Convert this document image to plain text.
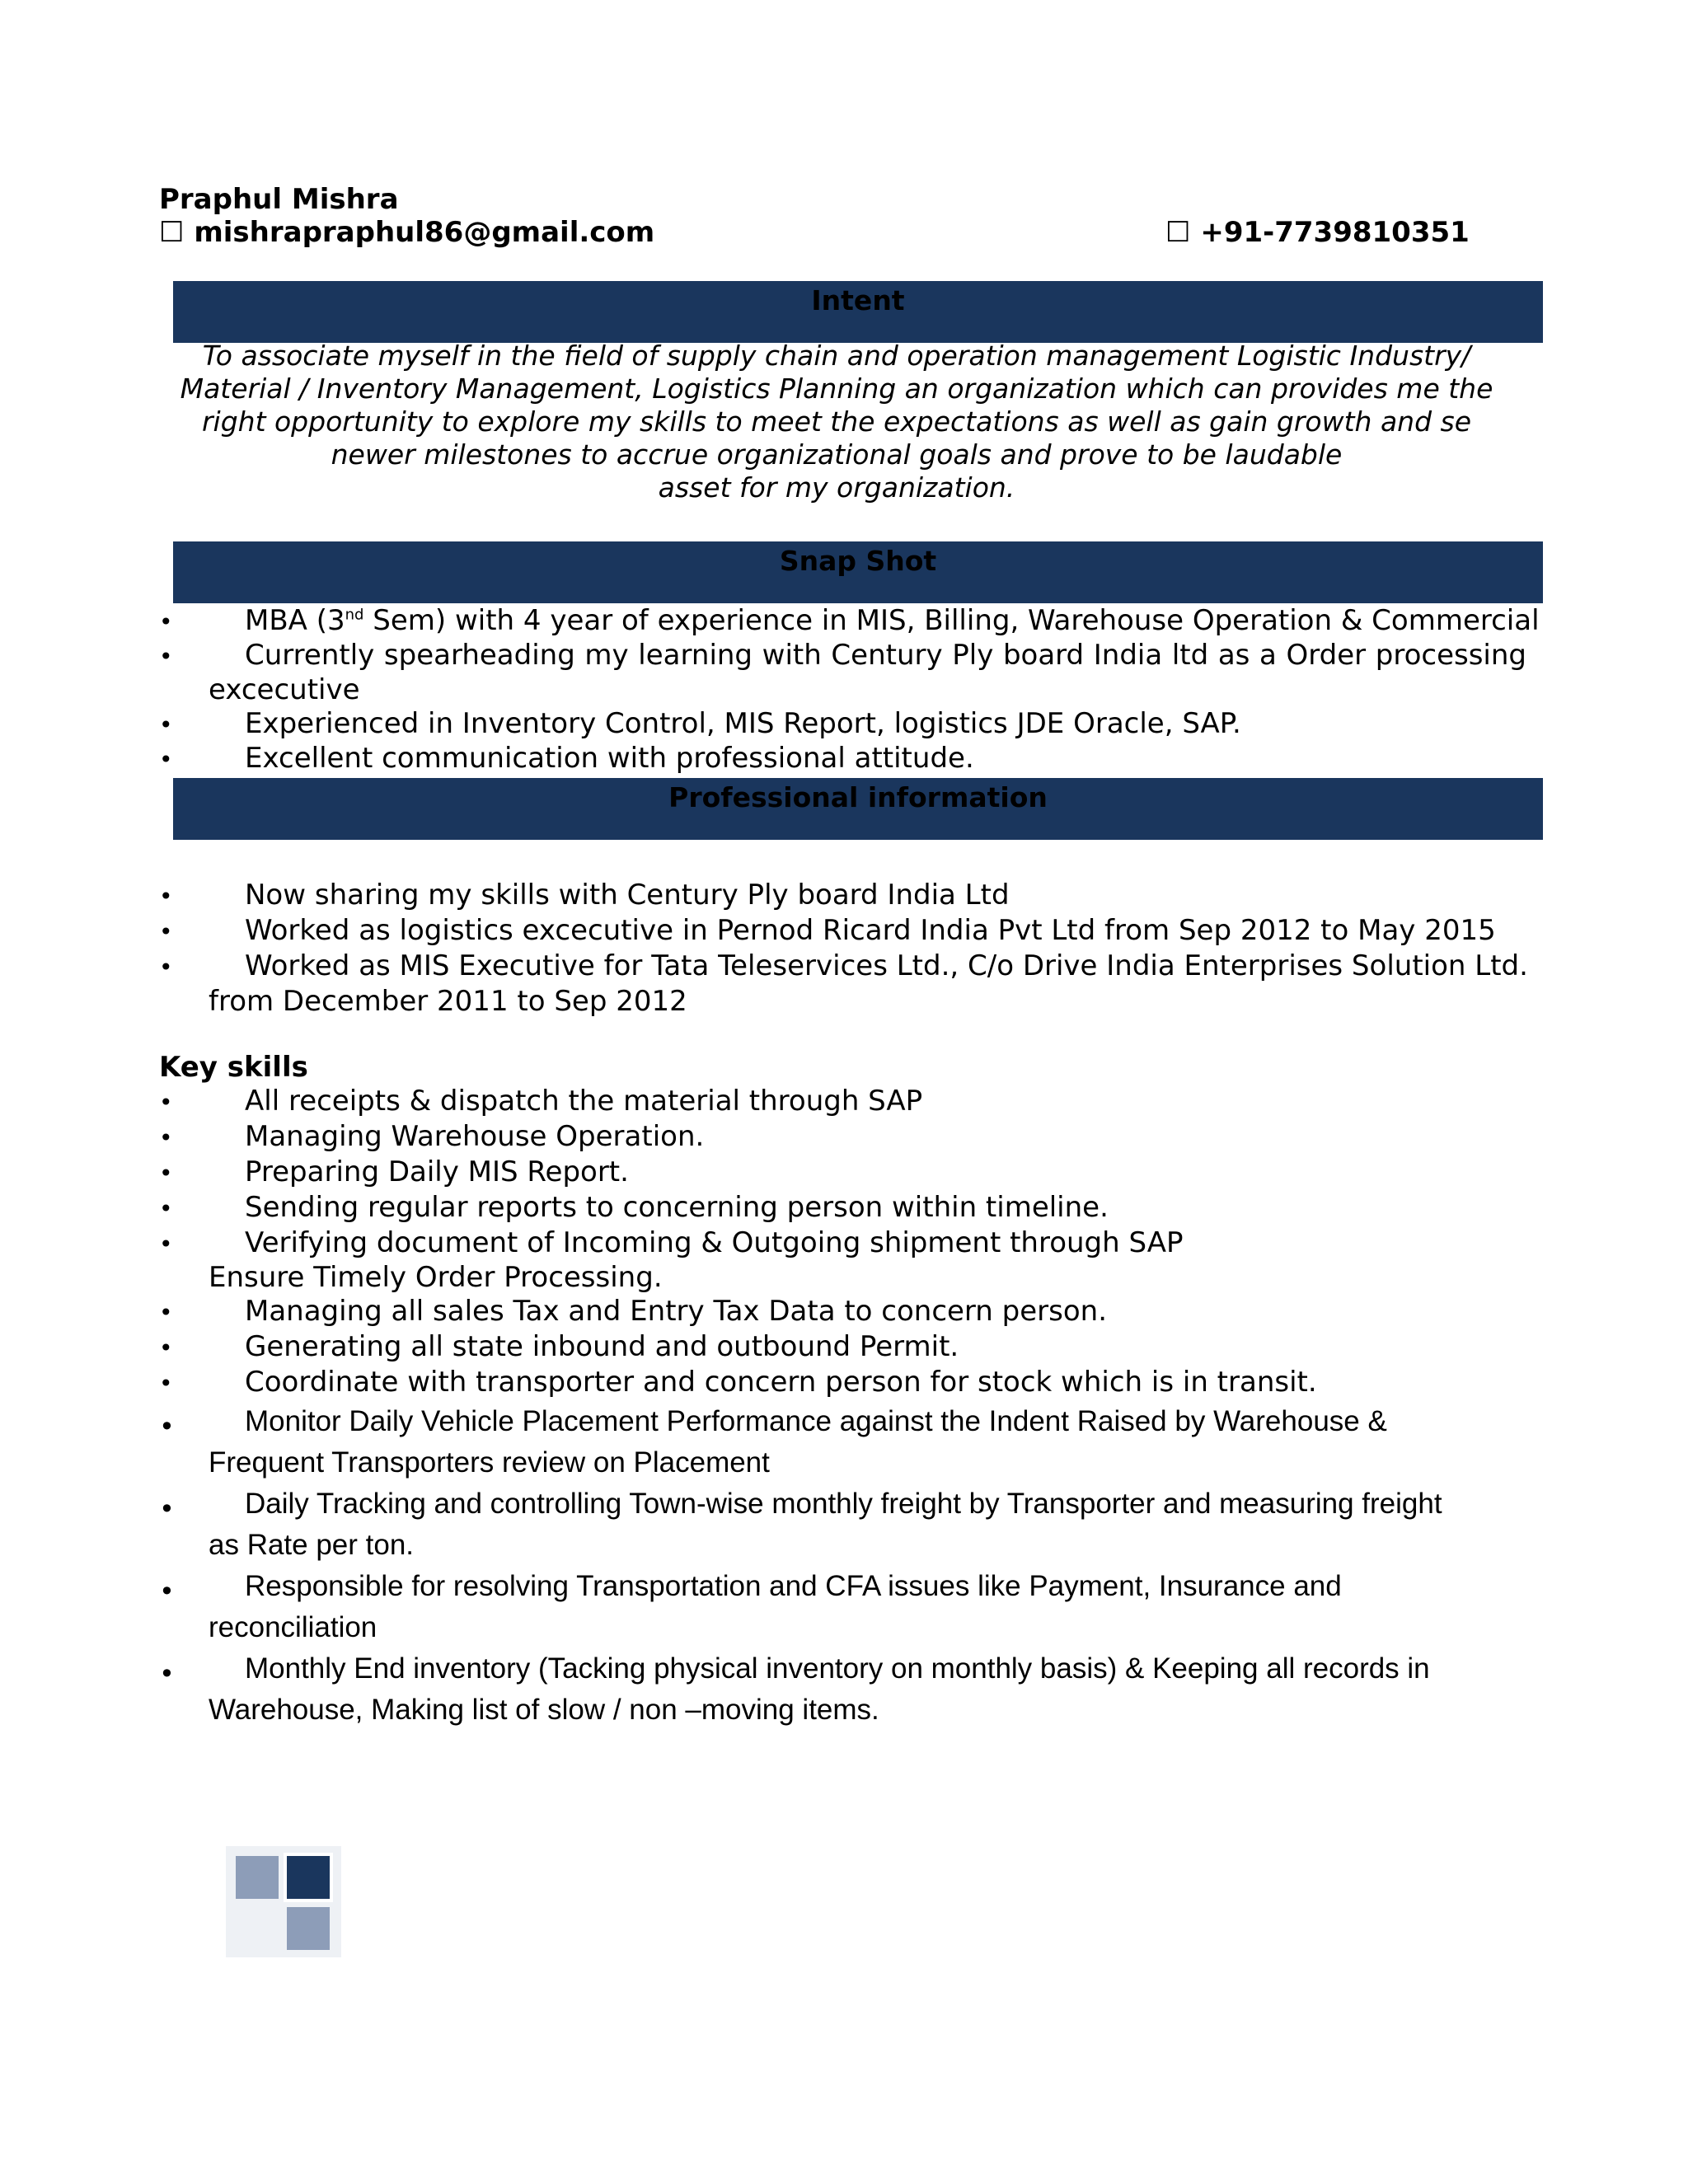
Praphul Mishra
☐ mishrapraphul86@gmail.com	☐ +91-7739810351
Intent
To associate myself in the field of supply chain and operation management Logistic Industry/
Material / Inventory Management, Logistics Planning an organization which can provides me the
right opportunity to explore my skills to meet the expectations as well as gain growth and se
newer milestones to accrue organizational goals and prove to be laudable
asset for my organization.
Snap Shot
•	MBA (3nd Sem) with 4 year of experience in MIS, Billing, Warehouse Operation & Commercial
•	Currently spearheading my learning with Century Ply board India ltd as a Order processing
excecutive
•	Experienced in Inventory Control, MIS Report, logistics JDE Oracle, SAP.
•	Excellent communication with professional attitude.
Professional information
•	Now sharing my skills with Century Ply board India Ltd
•	Worked as logistics excecutive in Pernod Ricard India Pvt Ltd from Sep 2012 to May 2015
•	Worked as MIS Executive for Tata Teleservices Ltd., C/o Drive India Enterprises Solution Ltd.
from December 2011 to Sep 2012
Key skills
•	All receipts & dispatch the material through SAP
•	Managing Warehouse Operation.
•	Preparing Daily MIS Report.
•	Sending regular reports to concerning person within timeline.
•	Verifying document of Incoming & Outgoing shipment through SAP
Ensure Timely Order Processing.
•	Managing all sales Tax and Entry Tax Data to concern person.
•	Generating all state inbound and outbound Permit.
•	Coordinate with transporter and concern person for stock which is in transit.
• Monitor Daily Vehicle Placement Performance against the Indent Raised by Warehouse &
Frequent Transporters review on Placement
• Daily Tracking and controlling Town-wise monthly freight by Transporter and measuring freight
as Rate per ton.
• Responsible for resolving Transportation and CFA issues like Payment, Insurance and
reconciliation
• Monthly End inventory (Tacking physical inventory on monthly basis) & Keeping all records in
Warehouse, Making list of slow / non –moving items.
